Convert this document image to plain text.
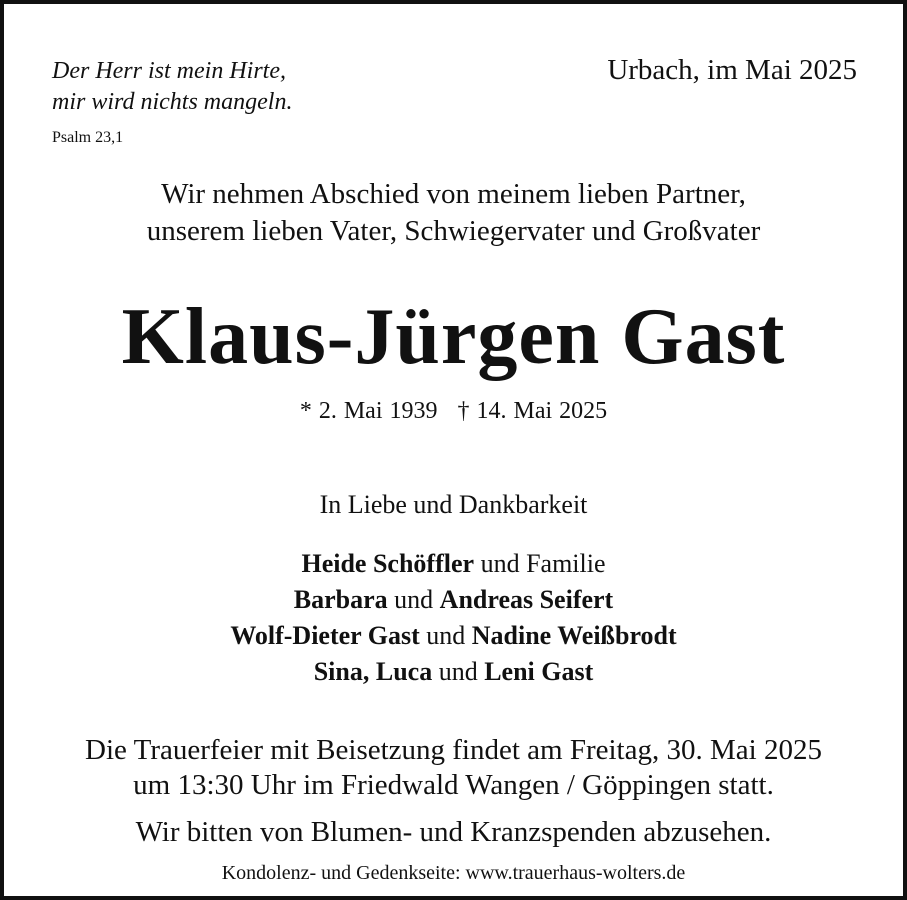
Der Herr ist mein Hirte,
mir wird nichts mangeln.
Psalm 23,1
Urbach, im Mai 2025
Wir nehmen Abschied von meinem lieben Partner,
unserem lieben Vater, Schwiegervater und Großvater
Klaus-Jürgen Gast
* 2. Mai 1939 † 14. Mai 2025
In Liebe und Dankbarkeit
Heide Schöffler und Familie
Barbara und Andreas Seifert
Wolf-Dieter Gast und Nadine Weißbrodt
Sina, Luca und Leni Gast
Die Trauerfeier mit Beisetzung findet am Freitag, 30. Mai 2025
um 13:30 Uhr im Friedwald Wangen / Göppingen statt.
Wir bitten von Blumen- und Kranzspenden abzusehen.
Kondolenz- und Gedenkseite: www.trauerhaus-wolters.de
